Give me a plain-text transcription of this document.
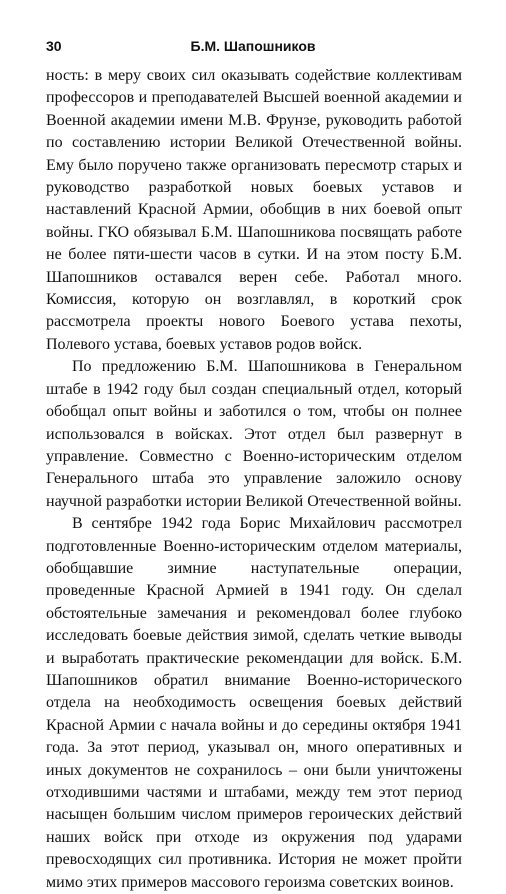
30	Б.М. Шапошников

ность: в меру своих сил оказывать содействие коллективам профессоров и преподавателей Высшей военной академии и Военной академии имени М.В. Фрунзе, руководить работой по составлению истории Великой Отечественной войны. Ему было поручено также организовать пересмотр старых и руководство разработкой новых боевых уставов и наставлений Красной Армии, обобщив в них боевой опыт войны. ГКО обязывал Б.М. Шапошникова посвящать работе не более пяти-шести часов в сутки. И на этом посту Б.М. Шапошников оставался верен себе. Работал много. Комиссия, которую он возглавлял, в короткий срок рассмотрела проекты нового Боевого устава пехоты, Полевого устава, боевых уставов родов войск.

По предложению Б.М. Шапошникова в Генеральном штабе в 1942 году был создан специальный отдел, который обобщал опыт войны и заботился о том, чтобы он полнее использовался в войсках. Этот отдел был развернут в управление. Совместно с Военно-историческим отделом Генерального штаба это управление заложило основу научной разработки истории Великой Отечественной войны.

В сентябре 1942 года Борис Михайлович рассмотрел подготовленные Военно-историческим отделом материалы, обобщавшие зимние наступательные операции, проведенные Красной Армией в 1941 году. Он сделал обстоятельные замечания и рекомендовал более глубоко исследовать боевые действия зимой, сделать четкие выводы и выработать практические рекомендации для войск. Б.М. Шапошников обратил внимание Военно-исторического отдела на необходимость освещения боевых действий Красной Армии с начала войны и до середины октября 1941 года. За этот период, указывал он, много оперативных и иных документов не сохранилось – они были уничтожены отходившими частями и штабами, между тем этот период насыщен большим числом примеров героических действий наших войск при отходе из окружения под ударами превосходящих сил противника. История не может пройти мимо этих примеров массового героизма советских воинов.
